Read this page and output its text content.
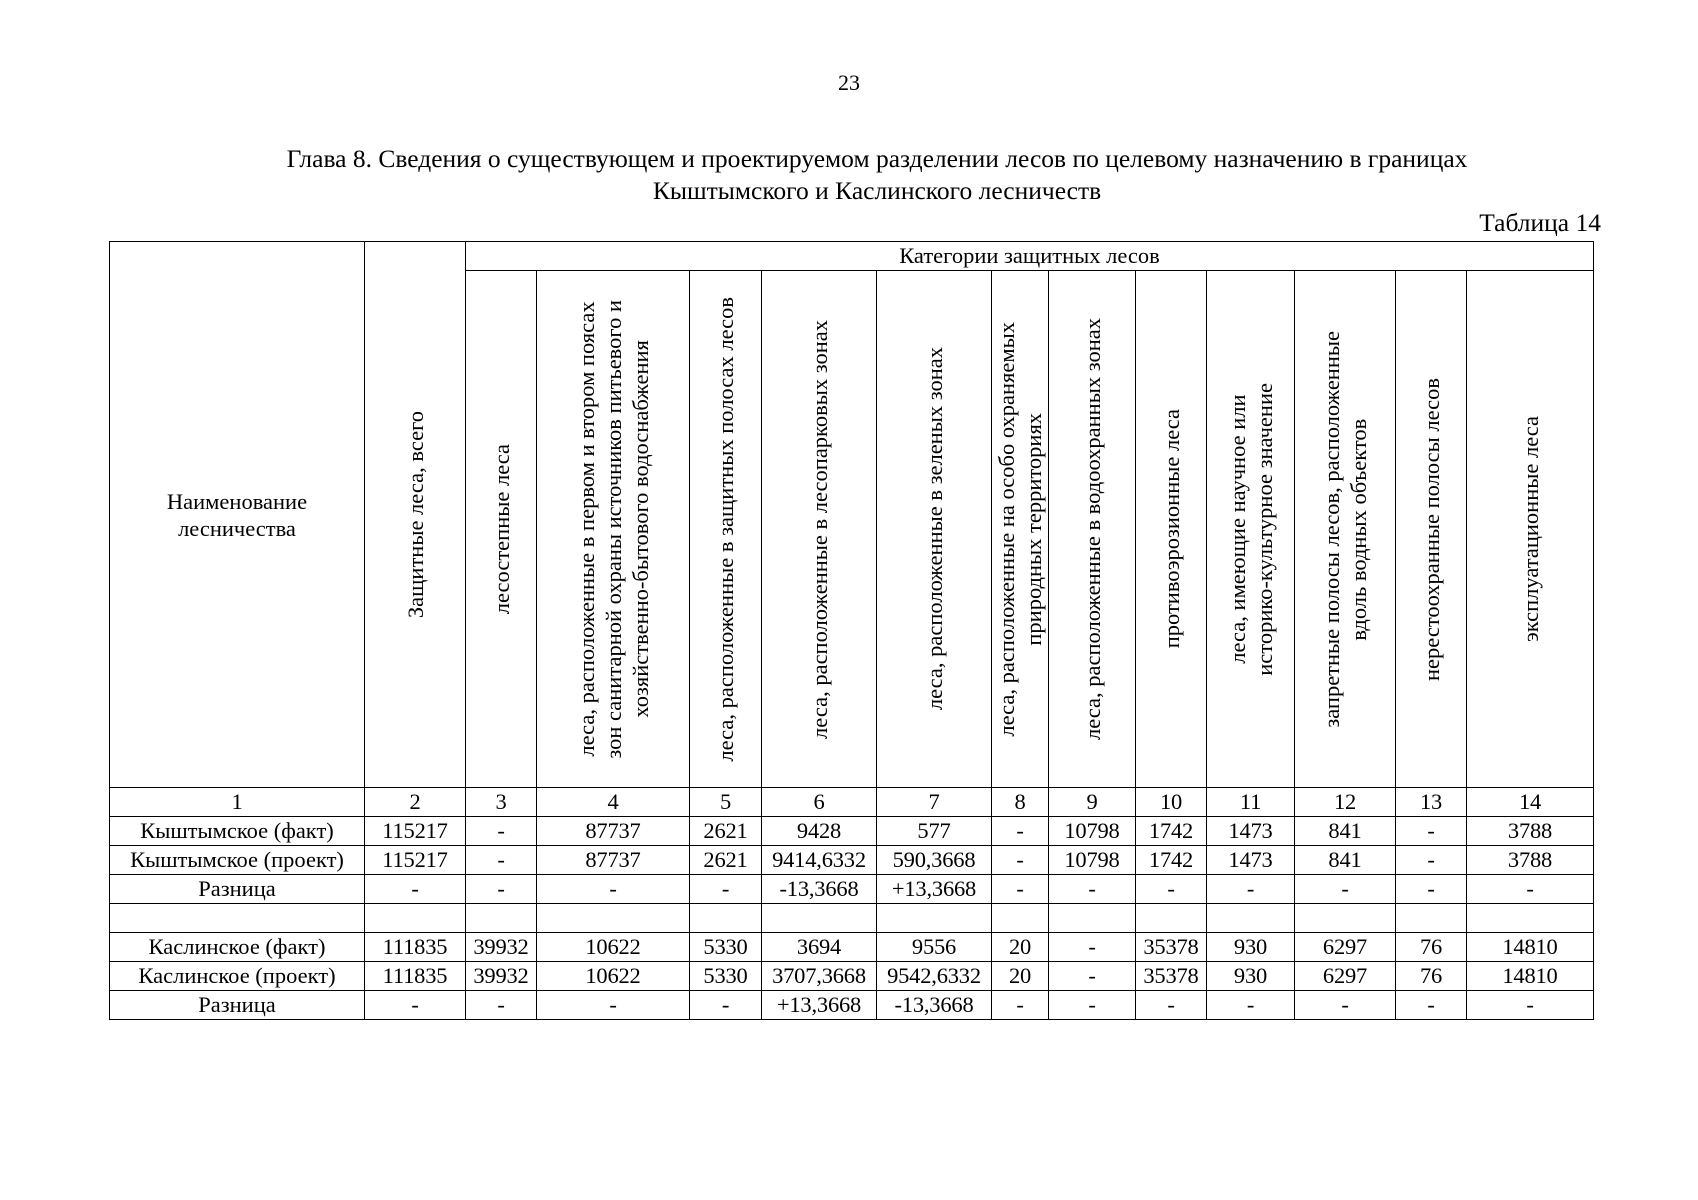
23
Глава 8. Сведения о существующем и проектируемом разделении лесов по целевому назначению в границах
Кыштымского и Каслинского лесничеств
Таблица 14
Наименование
лесничества	Защитные леса, всего	Категории защитных лесов											

		лесостепные леса	леса, расположенные в первом и втором поясах зон санитарной охраны источников питьевого и хозяйственно-бытового водоснабжения	леса, расположенные в защитных полосах лесов	леса, расположенные в лесопарковых зонах	леса, расположенные в зеленых зонах	леса, расположенные на особо охраняемых природных территориях	леса, расположенные в водоохранных зонах	противоэрозионные леса	леса, имеющие научное или историко-культурное значение	запретные полосы лесов, расположенные вдоль водных объектов	нерестоохранные полосы лесов	эксплуатационные леса

1	2	3	4	5	6	7	8	9	10	11	12	13	14
Кыштымское (факт)	115217	-	87737	2621	9428	577	-	10798	1742	1473	841	-	3788
Кыштымское (проект)	115217	-	87737	2621	9414,6332	590,3668	-	10798	1742	1473	841	-	3788
Разница	-	-	-	-	-13,3668	+13,3668	-	-	-	-	-	-	-

Каслинское (факт)	111835	39932	10622	5330	3694	9556	20	-	35378	930	6297	76	14810
Каслинское (проект)	111835	39932	10622	5330	3707,3668	9542,6332	20	-	35378	930	6297	76	14810
Разница	-	-	-	-	+13,3668	-13,3668	-	-	-	-	-	-	-
